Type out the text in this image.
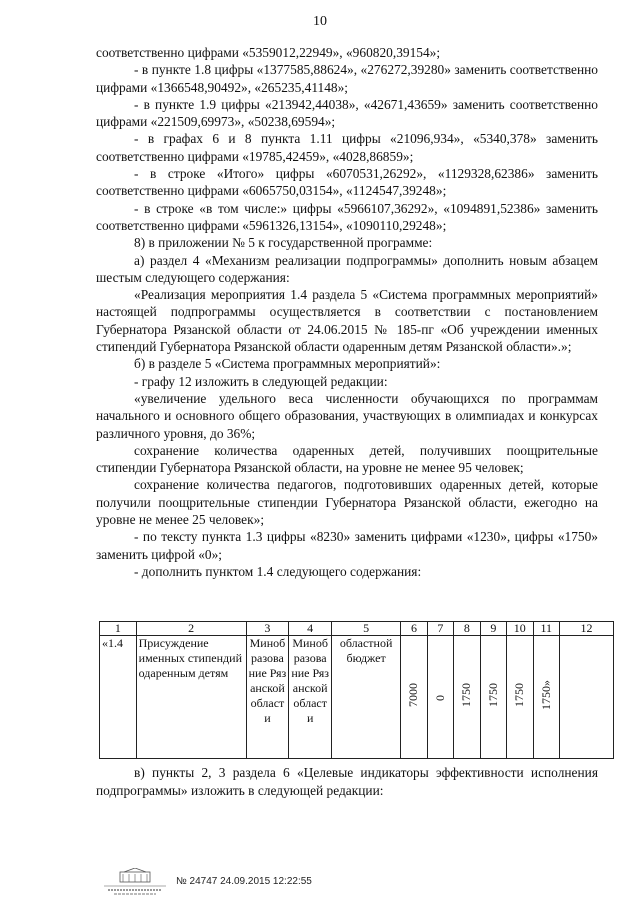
10

соответственно цифрами «5359012,22949», «960820,39154»;

- в пункте 1.8 цифры «1377585,88624», «276272,39280» заменить соответственно цифрами «1366548,90492», «265235,41148»;

- в пункте 1.9 цифры «213942,44038», «42671,43659» заменить соответственно цифрами «221509,69973», «50238,69594»;

- в графах 6 и 8 пункта 1.11 цифры «21096,934», «5340,378» заменить соответственно цифрами «19785,42459», «4028,86859»;

- в строке «Итого» цифры «6070531,26292», «1129328,62386» заменить соответственно цифрами «6065750,03154», «1124547,39248»;

- в строке «в том числе:» цифры «5966107,36292», «1094891,52386» заменить соответственно цифрами «5961326,13154», «1090110,29248»;

8) в приложении № 5 к государственной программе:

а) раздел 4 «Механизм реализации подпрограммы» дополнить новым абзацем шестым следующего содержания:

«Реализация мероприятия 1.4 раздела 5 «Система программных мероприятий» настоящей подпрограммы осуществляется в соответствии с постановлением Губернатора Рязанской области от 24.06.2015 № 185-пг «Об учреждении именных стипендий Губернатора Рязанской области одаренным детям Рязанской области».»;

б) в разделе 5 «Система программных мероприятий»:

- графу 12 изложить в следующей редакции:

«увеличение удельного веса численности обучающихся по программам начального и основного общего образования, участвующих в олимпиадах и конкурсах различного уровня, до 36%;

сохранение количества одаренных детей, получивших поощрительные стипендии Губернатора Рязанской области, на уровне не менее 95 человек;

сохранение количества педагогов, подготовивших одаренных детей, которые получили поощрительные стипендии Губернатора Рязанской области, ежегодно на уровне не менее 25 человек»;

- по тексту пункта 1.3 цифры «8230» заменить цифрами «1230», цифры «1750» заменить цифрой «0»;

- дополнить пунктом 1.4 следующего содержания:

1	2	3	4	5	6	7	8	9	10	11	12
«1.4	Присуждение именных стипендий одаренным детям	Минобразование Рязанской области	Минобразование Рязанской области	областной бюджет	7000	0	1750	1750	1750	1750»	

в) пункты 2, 3 раздела 6 «Целевые индикаторы эффективности исполнения подпрограммы» изложить в следующей редакции:

№ 24747 24.09.2015 12:22:55
